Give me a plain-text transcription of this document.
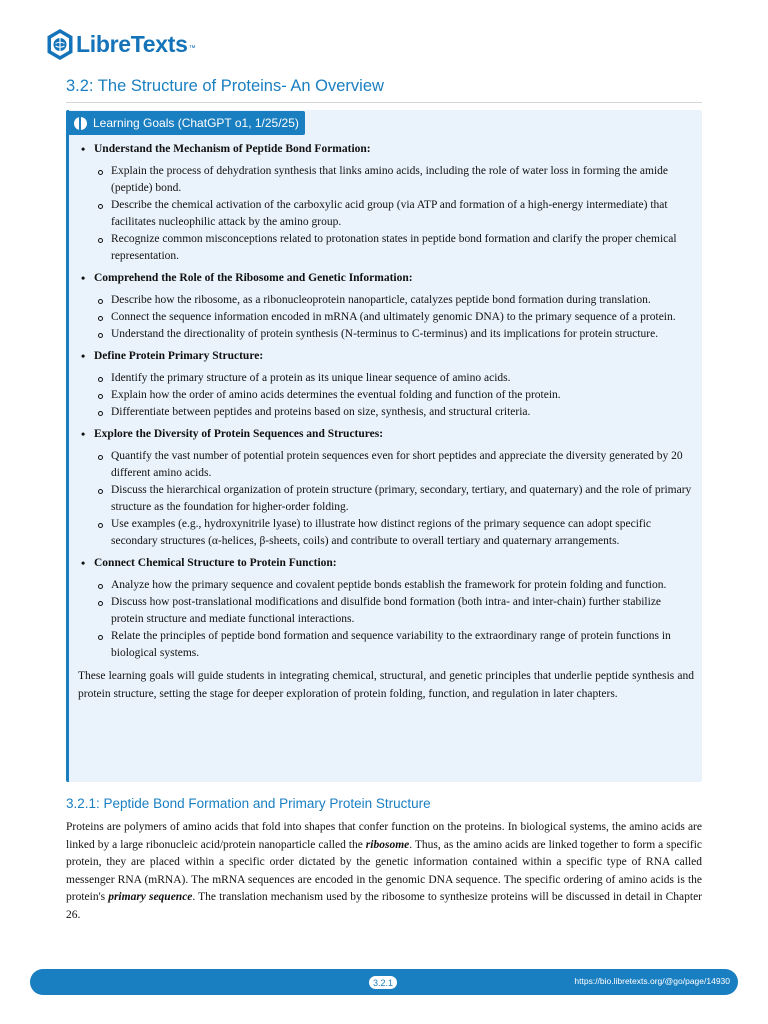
LibreTexts ™
3.2: The Structure of Proteins- An Overview
Learning Goals (ChatGPT o1, 1/25/25)
• Understand the Mechanism of Peptide Bond Formation:
Explain the process of dehydration synthesis that links amino acids, including the role of water loss in forming the amide (peptide) bond.
Describe the chemical activation of the carboxylic acid group (via ATP and formation of a high-energy intermediate) that facilitates nucleophilic attack by the amino group.
Recognize common misconceptions related to protonation states in peptide bond formation and clarify the proper chemical representation.
• Comprehend the Role of the Ribosome and Genetic Information:
Describe how the ribosome, as a ribonucleoprotein nanoparticle, catalyzes peptide bond formation during translation.
Connect the sequence information encoded in mRNA (and ultimately genomic DNA) to the primary sequence of a protein.
Understand the directionality of protein synthesis (N-terminus to C-terminus) and its implications for protein structure.
• Define Protein Primary Structure:
Identify the primary structure of a protein as its unique linear sequence of amino acids.
Explain how the order of amino acids determines the eventual folding and function of the protein.
Differentiate between peptides and proteins based on size, synthesis, and structural criteria.
• Explore the Diversity of Protein Sequences and Structures:
Quantify the vast number of potential protein sequences even for short peptides and appreciate the diversity generated by 20 different amino acids.
Discuss the hierarchical organization of protein structure (primary, secondary, tertiary, and quaternary) and the role of primary structure as the foundation for higher-order folding.
Use examples (e.g., hydroxynitrile lyase) to illustrate how distinct regions of the primary sequence can adopt specific secondary structures (α-helices, β-sheets, coils) and contribute to overall tertiary and quaternary arrangements.
• Connect Chemical Structure to Protein Function:
Analyze how the primary sequence and covalent peptide bonds establish the framework for protein folding and function.
Discuss how post-translational modifications and disulfide bond formation (both intra- and inter-chain) further stabilize protein structure and mediate functional interactions.
Relate the principles of peptide bond formation and sequence variability to the extraordinary range of protein functions in biological systems.

These learning goals will guide students in integrating chemical, structural, and genetic principles that underlie peptide synthesis and protein structure, setting the stage for deeper exploration of protein folding, function, and regulation in later chapters.

3.2.1: Peptide Bond Formation and Primary Protein Structure

Proteins are polymers of amino acids that fold into shapes that confer function on the proteins. In biological systems, the amino acids are linked by a large ribonucleic acid/protein nanoparticle called the ribosome. Thus, as the amino acids are linked together to form a specific protein, they are placed within a specific order dictated by the genetic information contained within a specific type of RNA called messenger RNA (mRNA). The mRNA sequences are encoded in the genomic DNA sequence. The specific ordering of amino acids is the protein's primary sequence. The translation mechanism used by the ribosome to synthesize proteins will be discussed in detail in Chapter 26.

3.2.1	https://bio.libretexts.org/@go/page/14930
